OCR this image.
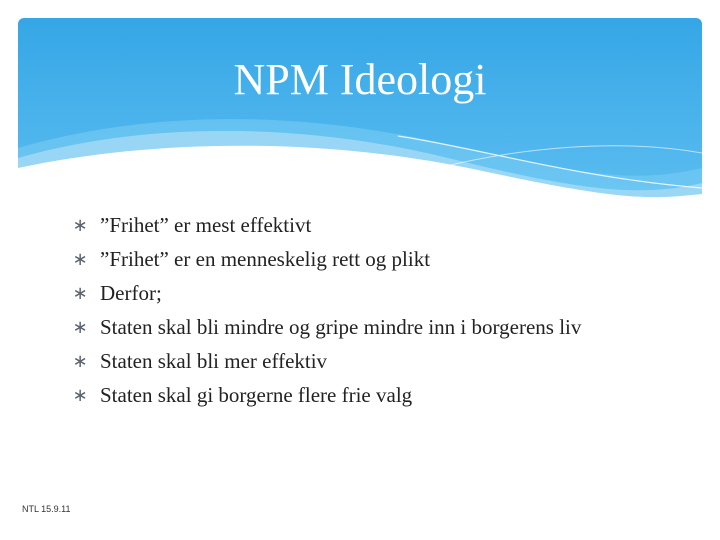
NPM Ideologi
∗ ”Frihet” er mest effektivt
∗ ”Frihet” er en menneskelig rett og plikt
∗ Derfor;
∗ Staten skal bli mindre og gripe mindre inn i borgerens liv
∗ Staten skal bli mer effektiv
∗ Staten skal gi borgerne flere frie valg
NTL 15.9.11
